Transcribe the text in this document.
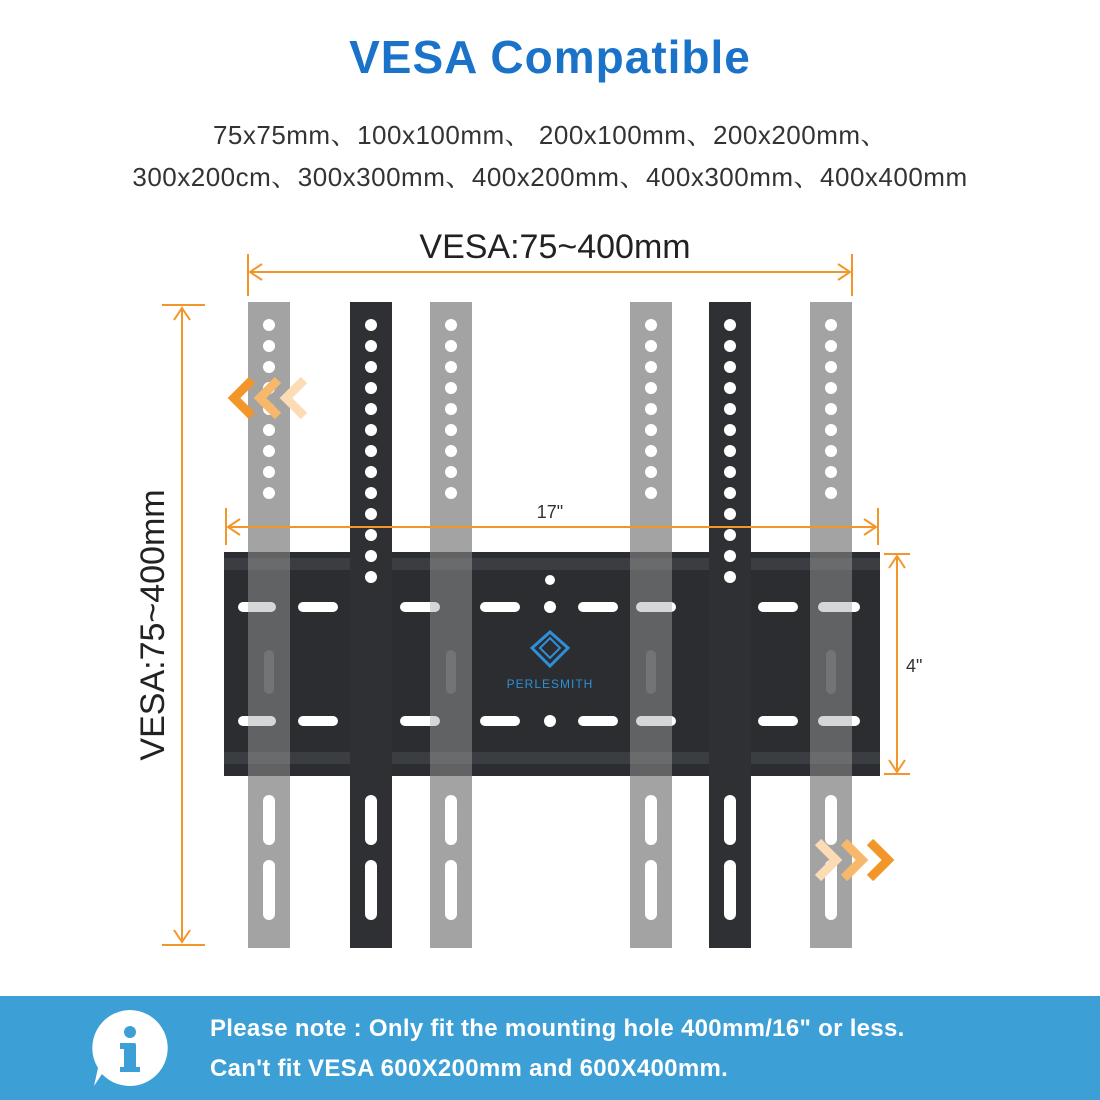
VESA Compatible
75x75mm、100x100mm、 200x100mm、200x200mm、
300x200cm、300x300mm、400x200mm、400x300mm、400x400mm
VESA:75~400mm
VESA:75~400mm	PERLESMITH
17"
4"
Please note : Only fit the mounting hole 400mm/16" or less.
Can't fit VESA 600X200mm and 600X400mm.
